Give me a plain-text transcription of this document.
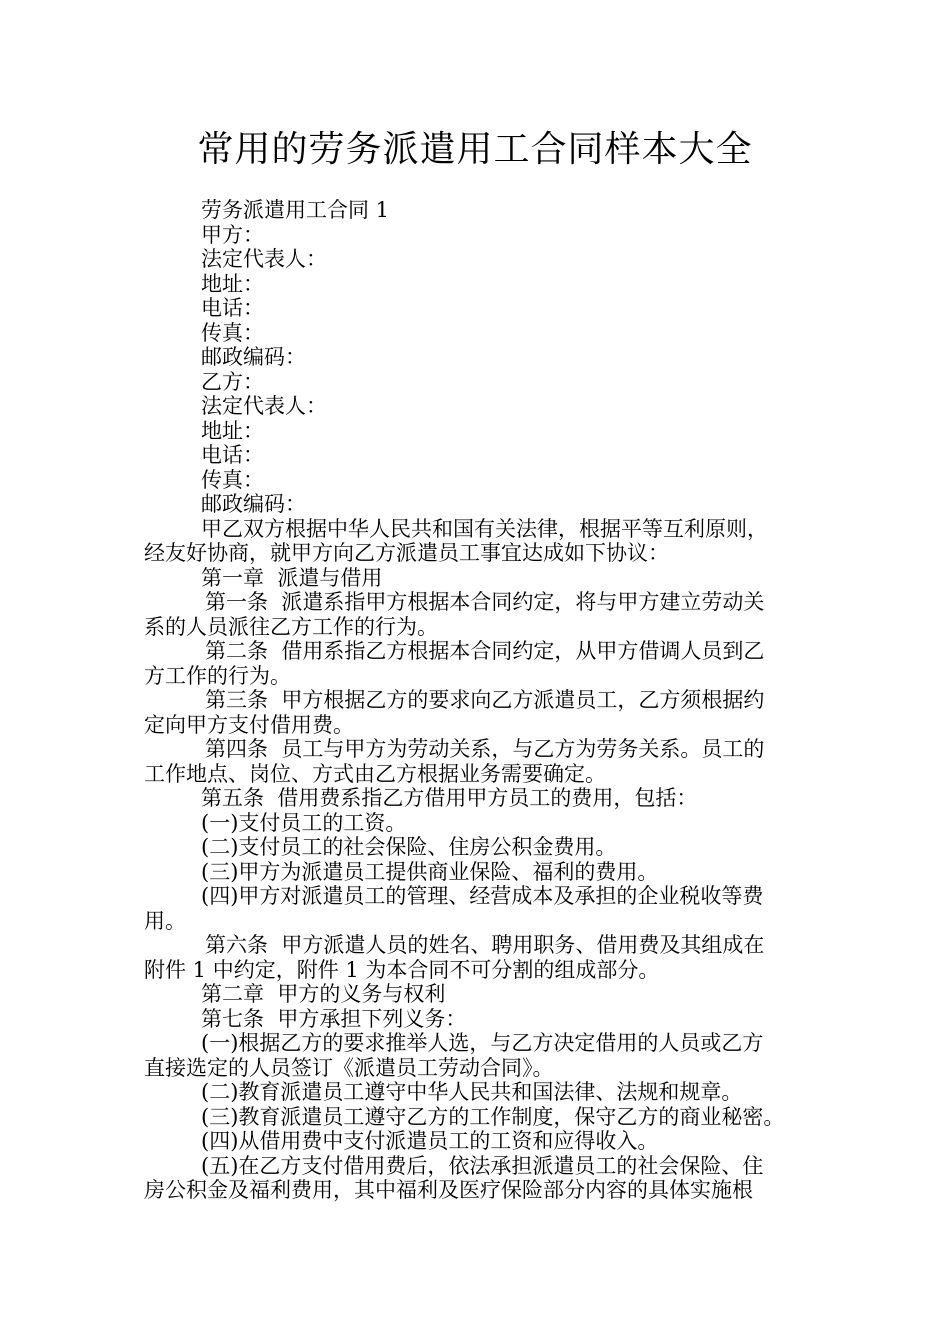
常用的劳务派遣用工合同样本大全

劳务派遣用工合同 1

甲方：

法定代表人：

地址：

电话：

传真：

邮政编码：

乙方：

法定代表人：

地址：

电话：

传真：

邮政编码：

甲乙双方根据中华人民共和国有关法律，根据平等互利原则，

经友好协商，就甲方向乙方派遣员工事宜达成如下协议：

第一章  派遣与借用

第一条  派遣系指甲方根据本合同约定，将与甲方建立劳动关

系的人员派往乙方工作的行为。

第二条  借用系指乙方根据本合同约定，从甲方借调人员到乙

方工作的行为。

第三条  甲方根据乙方的要求向乙方派遣员工，乙方须根据约

定向甲方支付借用费。

第四条  员工与甲方为劳动关系，与乙方为劳务关系。员工的

工作地点、岗位、方式由乙方根据业务需要确定。

第五条  借用费系指乙方借用甲方员工的费用，包括：

(一)支付员工的工资。

(二)支付员工的社会保险、住房公积金费用。

(三)甲方为派遣员工提供商业保险、福利的费用。

(四)甲方对派遣员工的管理、经营成本及承担的企业税收等费

用。

第六条  甲方派遣人员的姓名、聘用职务、借用费及其组成在

附件 1 中约定，附件 1 为本合同不可分割的组成部分。

第二章  甲方的义务与权利

第七条  甲方承担下列义务：

(一)根据乙方的要求推举人选，与乙方决定借用的人员或乙方

直接选定的人员签订《派遣员工劳动合同》。

(二)教育派遣员工遵守中华人民共和国法律、法规和规章。

(三)教育派遣员工遵守乙方的工作制度，保守乙方的商业秘密。

(四)从借用费中支付派遣员工的工资和应得收入。

(五)在乙方支付借用费后，依法承担派遣员工的社会保险、住

房公积金及福利费用，其中福利及医疗保险部分内容的具体实施根
